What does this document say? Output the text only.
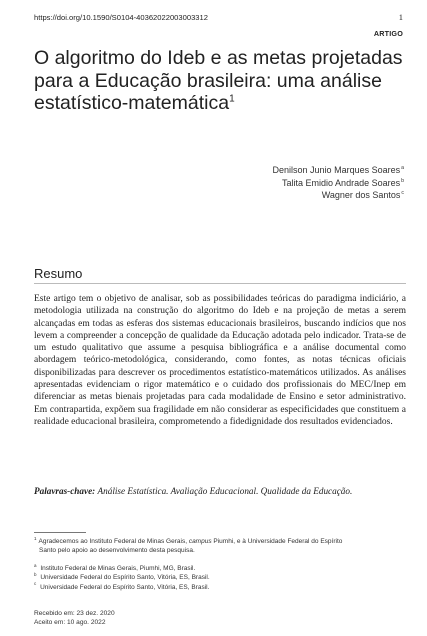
https://doi.org/10.1590/S0104-40362022003003312	1
ARTIGO
O algoritmo do Ideb e as metas projetadas para a Educação brasileira: uma análise estatístico-matemática$^1$
Denilson Junio Marques Soares$^a$
Talita Emidio Andrade Soares$^b$
Wagner dos Santos$^c$
Resumo

Este artigo tem o objetivo de analisar, sob as possibilidades teóricas do paradigma indiciário, a metodologia utilizada na construção do algoritmo do Ideb e na projeção de metas a serem alcançadas em todas as esferas dos sistemas educacionais brasileiros, buscando indícios que nos levem a compreender a concepção de qualidade da Educação adotada pelo indicador. Trata-se de um estudo qualitativo que assume a pesquisa bibliográfica e a análise documental como abordagem teórico-metodológica, considerando, como fontes, as notas técnicas oficiais disponibilizadas para descrever os procedimentos estatístico-matemáticos utilizados. As análises apresentadas evidenciam o rigor matemático e o cuidado dos profissionais do MEC/Inep em diferenciar as metas bienais projetadas para cada modalidade de Ensino e setor administrativo. Em contrapartida, expõem sua fragilidade em não considerar as especificidades que constituem a realidade educacional brasileira, comprometendo a fidedignidade dos resultados evidenciados.

Palavras-chave: Análise Estatística. Avaliação Educacional. Qualidade da Educação.

$^1$ Agradecemos ao Instituto Federal de Minas Gerais, campus Piumhi, e à Universidade Federal do Espírito
Santo pelo apoio ao desenvolvimento desta pesquisa.

$^a$ Instituto Federal de Minas Gerais, Piumhi, MG, Brasil.

$^b$ Universidade Federal do Espírito Santo, Vitória, ES, Brasil.

$^c$ Universidade Federal do Espírito Santo, Vitória, ES, Brasil.

Recebido em: 23 dez. 2020

Aceito em: 10 ago. 2022
